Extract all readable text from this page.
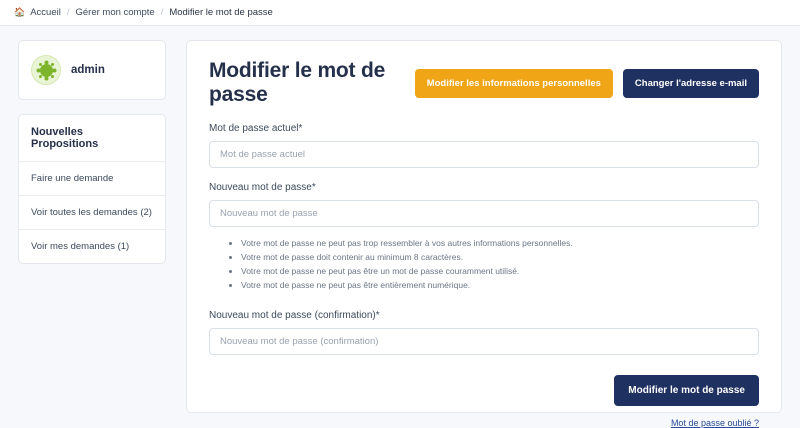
🏠 Accueil / Gérer mon compte / Modifier le mot de passe
admin
Nouvelles Propositions
Faire une demande
Voir toutes les demandes (2)
Voir mes demandes (1)
Modifier le mot de passe	Modifier les informations personnelles	Changer l'adresse e-mail
Mot de passe actuel*
Nouveau mot de passe*
• Votre mot de passe ne peut pas trop ressembler à vos autres informations personnelles.
• Votre mot de passe doit contenir au minimum 8 caractères.
• Votre mot de passe ne peut pas être un mot de passe couramment utilisé.
• Votre mot de passe ne peut pas être entièrement numérique.
Nouveau mot de passe (confirmation)*
Modifier le mot de passe
Mot de passe oublié ?
